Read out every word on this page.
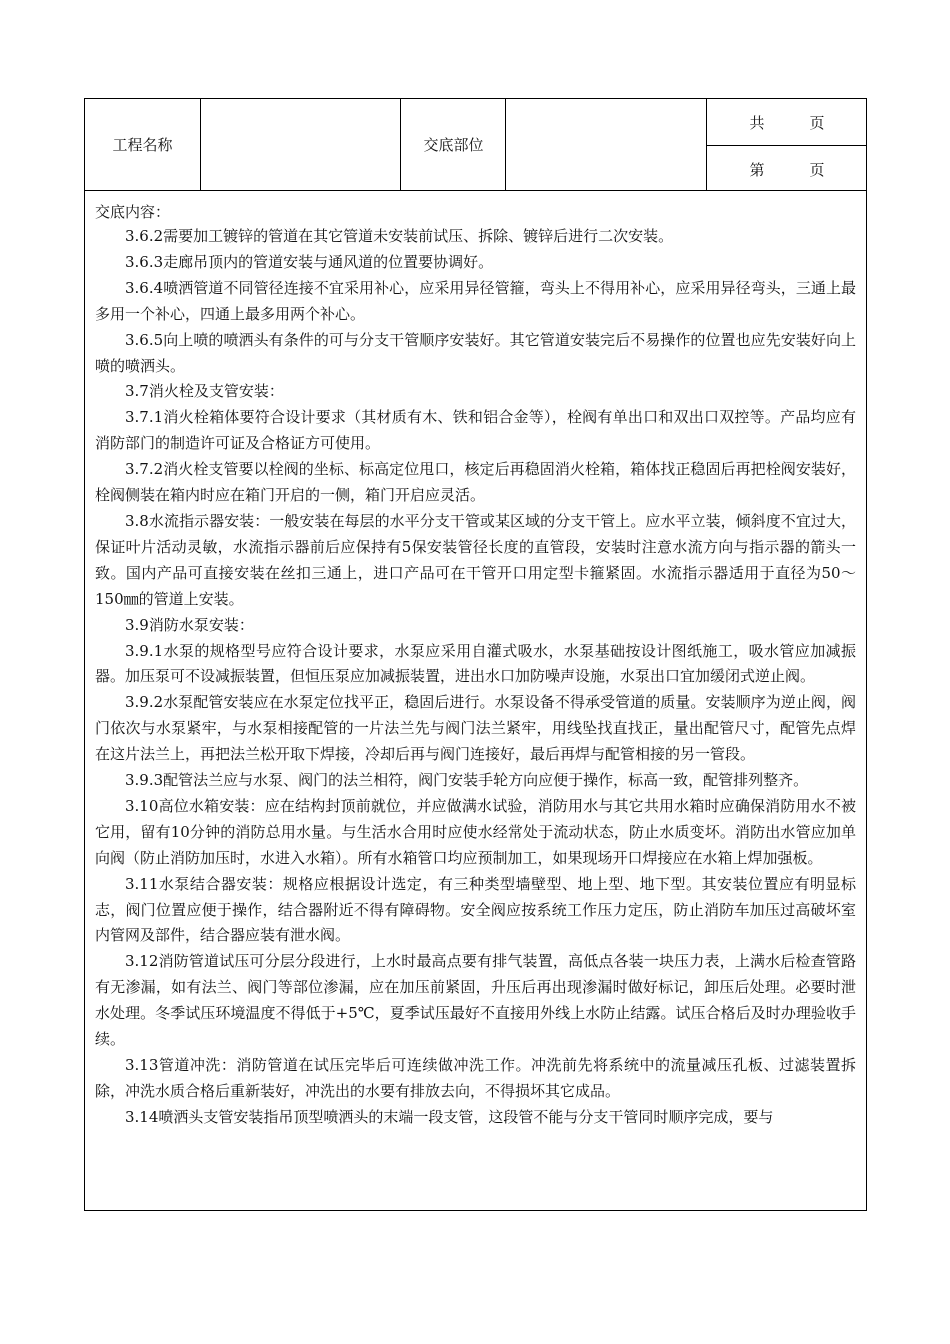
工程名称	交底部位
共　　　页
第　　　页

交底内容：

3.6.2需要加工镀锌的管道在其它管道未安装前试压、拆除、镀锌后进行二次安装。

3.6.3走廊吊顶内的管道安装与通风道的位置要协调好。

3.6.4喷洒管道不同管径连接不宜采用补心，应采用异径管箍，弯头上不得用补心，应采用异径弯头，三通上最多用一个补心，四通上最多用两个补心。

3.6.5向上喷的喷洒头有条件的可与分支干管顺序安装好。其它管道安装完后不易操作的位置也应先安装好向上喷的喷洒头。

3.7消火栓及支管安装：

3.7.1消火栓箱体要符合设计要求（其材质有木、铁和铝合金等），栓阀有单出口和双出口双控等。产品均应有消防部门的制造许可证及合格证方可使用。

3.7.2消火栓支管要以栓阀的坐标、标高定位甩口，核定后再稳固消火栓箱，箱体找正稳固后再把栓阀安装好，栓阀侧装在箱内时应在箱门开启的一侧，箱门开启应灵活。

3.8水流指示器安装：一般安装在每层的水平分支干管或某区域的分支干管上。应水平立装，倾斜度不宜过大，保证叶片活动灵敏，水流指示器前后应保持有5保安装管径长度的直管段，安装时注意水流方向与指示器的箭头一致。国内产品可直接安装在丝扣三通上，进口产品可在干管开口用定型卡箍紧固。水流指示器适用于直径为50～150㎜的管道上安装。

3.9消防水泵安装：

3.9.1水泵的规格型号应符合设计要求，水泵应采用自灌式吸水，水泵基础按设计图纸施工，吸水管应加减振器。加压泵可不设减振装置，但恒压泵应加减振装置，进出水口加防噪声设施，水泵出口宜加缓闭式逆止阀。

3.9.2水泵配管安装应在水泵定位找平正，稳固后进行。水泵设备不得承受管道的质量。安装顺序为逆止阀，阀门依次与水泵紧牢，与水泵相接配管的一片法兰先与阀门法兰紧牢，用线坠找直找正，量出配管尺寸，配管先点焊在这片法兰上，再把法兰松开取下焊接，冷却后再与阀门连接好，最后再焊与配管相接的另一管段。

3.9.3配管法兰应与水泵、阀门的法兰相符，阀门安装手轮方向应便于操作，标高一致，配管排列整齐。

3.10高位水箱安装：应在结构封顶前就位，并应做满水试验，消防用水与其它共用水箱时应确保消防用水不被它用，留有10分钟的消防总用水量。与生活水合用时应使水经常处于流动状态，防止水质变坏。消防出水管应加单向阀（防止消防加压时，水进入水箱）。所有水箱管口均应预制加工，如果现场开口焊接应在水箱上焊加强板。

3.11水泵结合器安装：规格应根据设计选定，有三种类型墙壁型、地上型、地下型。其安装位置应有明显标志，阀门位置应便于操作，结合器附近不得有障碍物。安全阀应按系统工作压力定压，防止消防车加压过高破坏室内管网及部件，结合器应装有泄水阀。

3.12消防管道试压可分层分段进行，上水时最高点要有排气装置，高低点各装一块压力表，上满水后检查管路有无渗漏，如有法兰、阀门等部位渗漏，应在加压前紧固，升压后再出现渗漏时做好标记，卸压后处理。必要时泄水处理。冬季试压环境温度不得低于+5℃，夏季试压最好不直接用外线上水防止结露。试压合格后及时办理验收手续。

3.13管道冲洗：消防管道在试压完毕后可连续做冲洗工作。冲洗前先将系统中的流量减压孔板、过滤装置拆除，冲洗水质合格后重新装好，冲洗出的水要有排放去向，不得损坏其它成品。

3.14喷洒头支管安装指吊顶型喷洒头的末端一段支管，这段管不能与分支干管同时顺序完成，要与
